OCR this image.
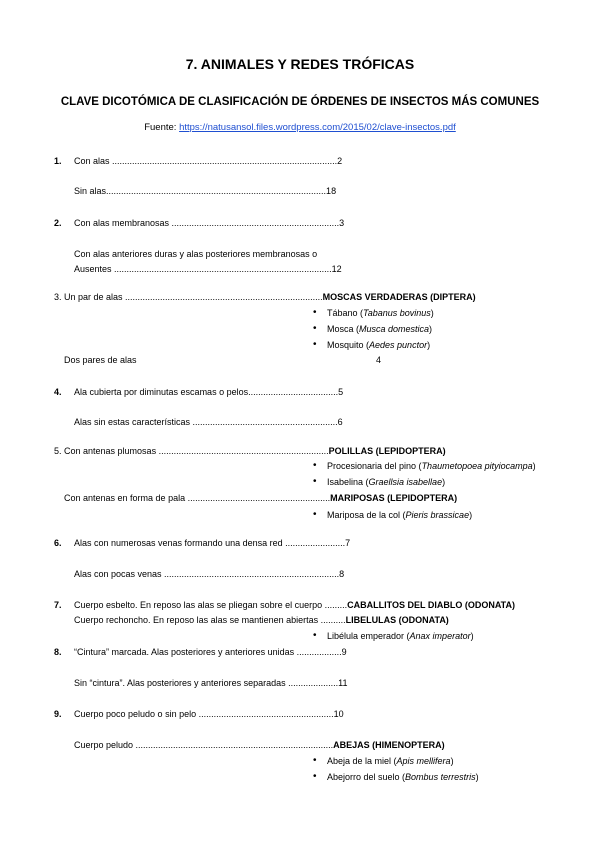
7. ANIMALES Y REDES TRÓFICAS
CLAVE DICOTÓMICA DE CLASIFICACIÓN DE ÓRDENES DE INSECTOS MÁS COMUNES
Fuente: https://natusansol.files.wordpress.com/2015/02/clave-insectos.pdf
1. Con alas ..........................................................................................2
Sin alas........................................................................................18
2. Con alas membranosas ...................................................................3
Con alas anteriores duras y alas posteriores membranosas o
Ausentes .......................................................................................12
3. Un par de alas ...............................................................................MOSCAS VERDADERAS (DIPTERA)
• Tábano (Tabanus bovinus)
• Mosca (Musca domestica)
• Mosquito (Aedes punctor)
Dos pares de alas	4
4. Ala cubierta por diminutas escamas o pelos....................................5
Alas sin estas características ..........................................................6
5. Con antenas plumosas ....................................................................POLILLAS (LEPIDOPTERA)
• Procesionaria del pino (Thaumetopoea pityiocampa)
• Isabelina (Graellsia isabellae)
Con antenas en forma de pala .........................................................MARIPOSAS (LEPIDOPTERA)
• Mariposa de la col (Pieris brassicae)
6. Alas con numerosas venas formando una densa red ........................7
Alas con pocas venas ......................................................................8
7. Cuerpo esbelto. En reposo las alas se pliegan sobre el cuerpo .........CABALLITOS DEL DIABLO (ODONATA)
Cuerpo rechoncho. En reposo las alas se mantienen abiertas ..........LIBELULAS (ODONATA)
• Libélula emperador (Anax imperator)
8. “Cintura” marcada. Alas posteriores y anteriores unidas ..................9
Sin “cintura”. Alas posteriores y anteriores separadas ....................11
9. Cuerpo poco peludo o sin pelo ......................................................10
Cuerpo peludo ...............................................................................ABEJAS (HIMENOPTERA)
• Abeja de la miel (Apis mellifera)
• Abejorro del suelo (Bombus terrestris)
